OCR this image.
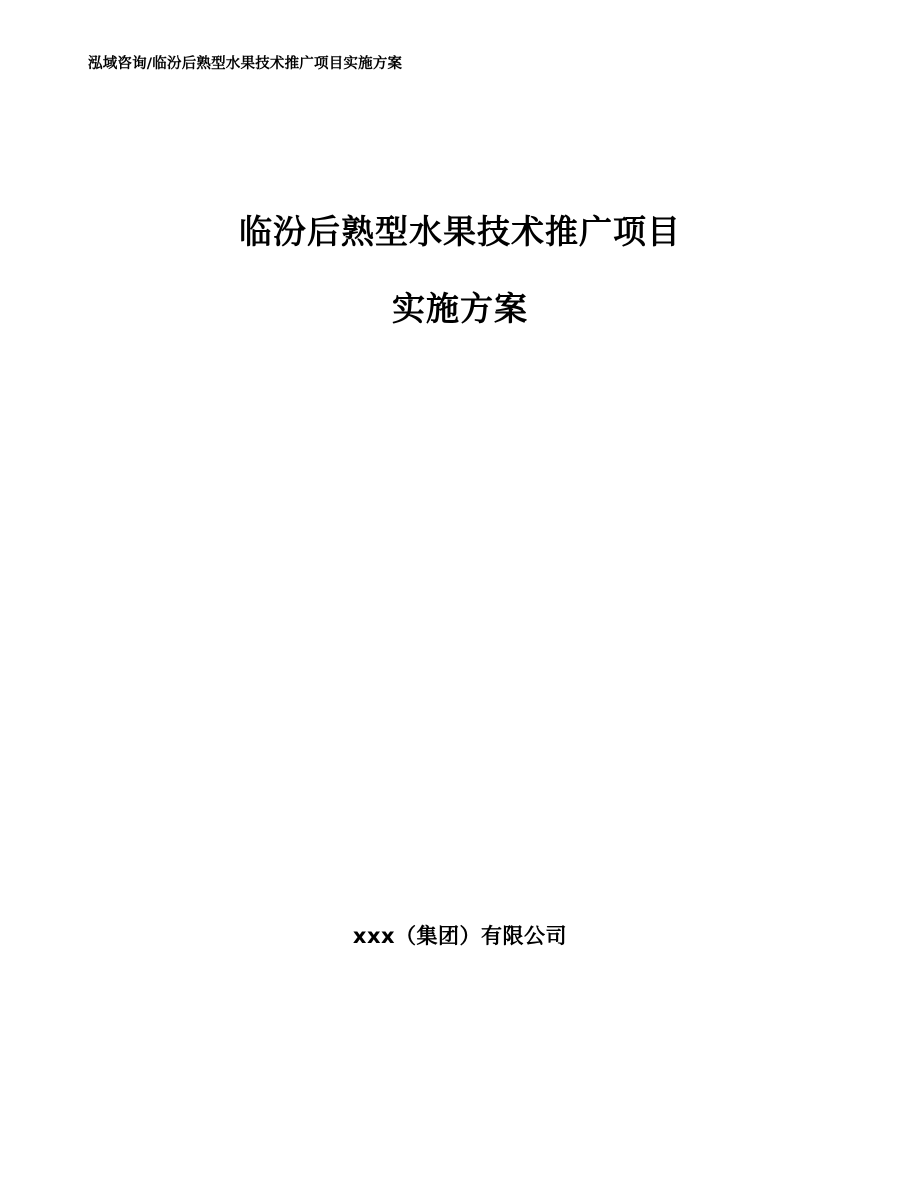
泓域咨询/临汾后熟型水果技术推广项目实施方案
临汾后熟型水果技术推广项目
实施方案
xxx（集团）有限公司
